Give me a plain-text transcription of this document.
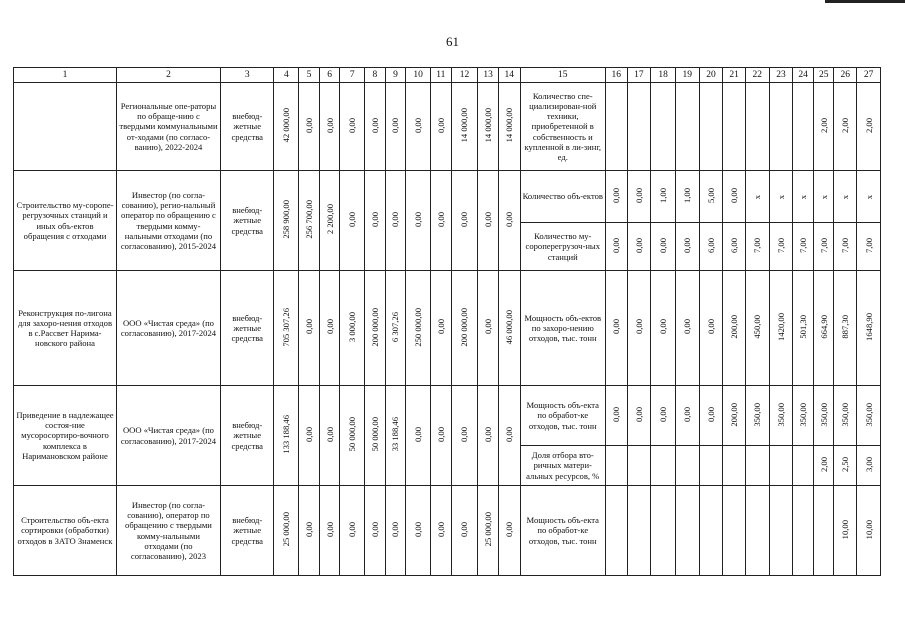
61
1	2	3	4	5	6	7	8	9	10	11	12	13	14	15	16	17	18	19	20	21	22	23	24	25	26	27

	Региональные опе-раторы по обраще-нию с твердыми коммунальными от-ходами (по согласо-ванию), 2022-2024	внебюд-жетные средства	42 000,00	0,00	0,00	0,00	0,00	0,00	0,00	0,00	14 000,00	14 000,00	14 000,00	Количество спе-циализирован-ной техники, приобретенной в собственность и купленной в ли-зинг, ед.										2,00	2,00	2,00

Строительство му-сороперегрузочных станций и иных объ-ектов обращения с отходами	Инвестор (по согла-сованию), регио-нальный оператор по обращению с твердыми комму-нальными отходами (по согласованию), 2015-2024	внебюд-жетные средства	258 900,00	256 700,00	2 200,00	0,00	0,00	0,00	0,00	0,00	0,00	0,00	0,00	Количество объ-ектов	0,00	0,00	1,00	1,00	5,00	0,00	x	x	x	x	x	x

														Количество му-сороперегрузоч-ных станций	0,00	0,00	0,00	0,00	6,00	6,00	7,00	7,00	7,00	7,00	7,00	7,00

Реконструкция по-лигона для захоро-нения отходов в с.Рассвет Нарима-новского района	ООО «Чистая среда» (по согласованию), 2017-2024	внебюд-жетные средства	705 307,26	0,00	0,00	3 000,00	200 000,00	6 307,26	250 000,00	0,00	200 000,00	0,00	46 000,00	Мощность объ-ектов по захоро-нению отходов, тыс. тонн	0,00	0,00	0,00	0,00	0,00	200,00	450,00	1420,00	501,30	664,90	887,30	1648,90

Приведение в надлежащее состоя-ние мусоросортиро-вочного комплекса в Наримановском районе	ООО «Чистая среда» (по согласованию), 2017-2024	внебюд-жетные средства	133 188,46	0,00	0,00	50 000,00	50 000,00	33 188,46	0,00	0,00	0,00	0,00	0,00	Мощность объ-екта по обработ-ке отходов, тыс. тонн	0,00	0,00	0,00	0,00	0,00	200,00	350,00	350,00	350,00	350,00	350,00	350,00

														Доля отбора вто-ричных матери-альных ресурсов, %										2,00	2,50	3,00

Строительство объ-екта сортировки (обработки) отходов в ЗАТО Знаменск	Инвестор (по согла-сованию), оператор по обращению с твердыми комму-нальными отходами (по согласованию), 2023	внебюд-жетные средства	25 000,00	0,00	0,00	0,00	0,00	0,00	0,00	0,00	0,00	25 000,00	0,00	Мощность объ-екта по обработ-ке отходов, тыс. тонн											10,00	10,00
